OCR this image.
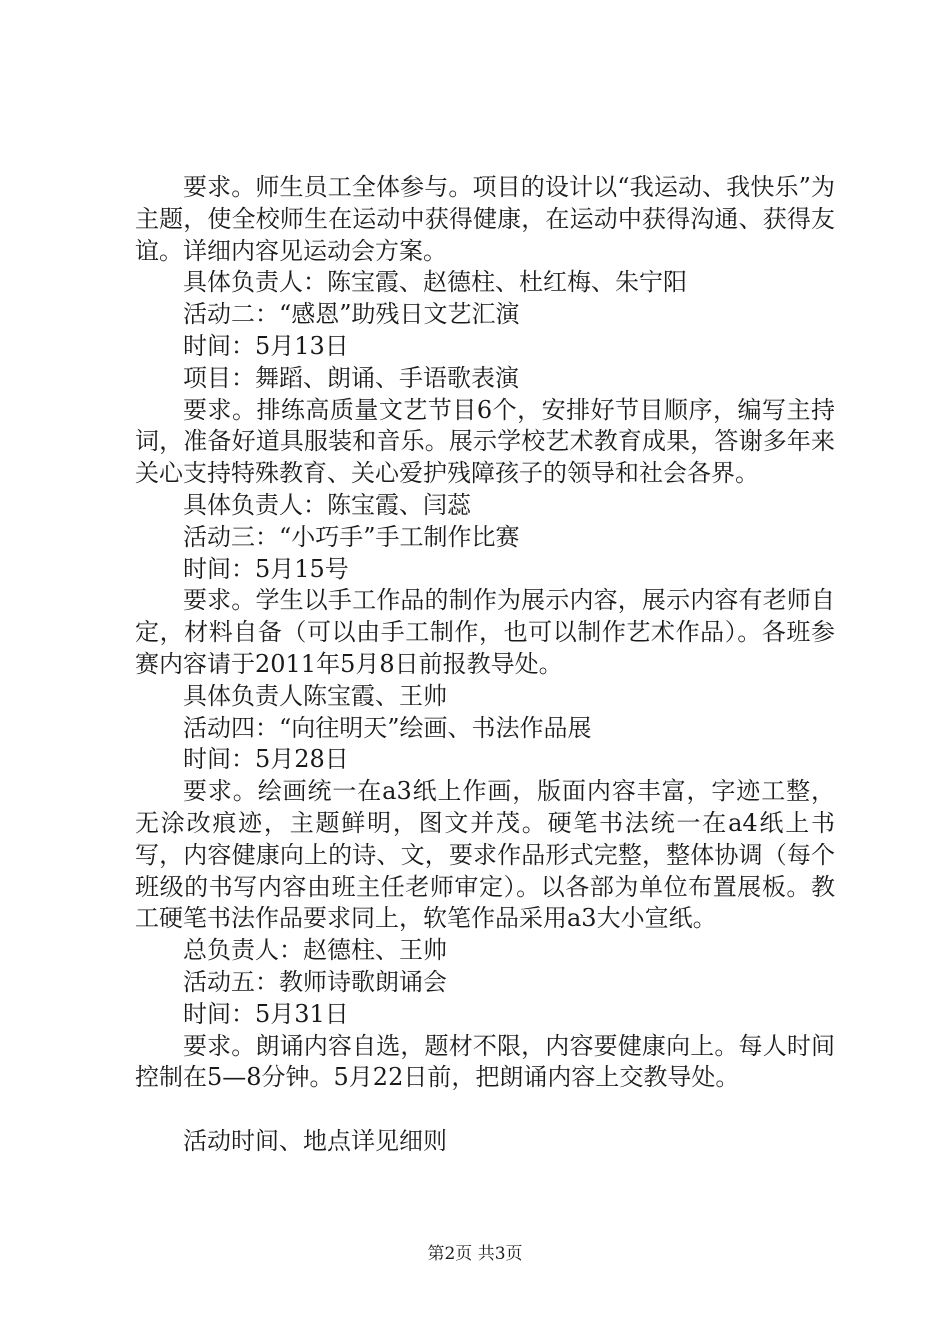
要求。师生员工全体参与。项目的设计以“我运动、我快乐”为主题，使全校师生在运动中获得健康，在运动中获得沟通、获得友谊。详细内容见运动会方案。

具体负责人：陈宝霞、赵德柱、杜红梅、朱宁阳

活动二：“感恩”助残日文艺汇演

时间：5月13日

项目：舞蹈、朗诵、手语歌表演

要求。排练高质量文艺节目6个，安排好节目顺序，编写主持词，准备好道具服装和音乐。展示学校艺术教育成果，答谢多年来关心支持特殊教育、关心爱护残障孩子的领导和社会各界。

具体负责人：陈宝霞、闫蕊

活动三：“小巧手”手工制作比赛

时间：5月15号

要求。学生以手工作品的制作为展示内容，展示内容有老师自定，材料自备（可以由手工制作，也可以制作艺术作品）。各班参赛内容请于2011年5月8日前报教导处。

具体负责人陈宝霞、王帅

活动四：“向往明天”绘画、书法作品展

时间：5月28日

要求。绘画统一在a3纸上作画，版面内容丰富，字迹工整，无涂改痕迹，主题鲜明，图文并茂。硬笔书法统一在a4纸上书写，内容健康向上的诗、文，要求作品形式完整，整体协调（每个班级的书写内容由班主任老师审定）。以各部为单位布置展板。教工硬笔书法作品要求同上，软笔作品采用a3大小宣纸。

总负责人：赵德柱、王帅

活动五：教师诗歌朗诵会

时间：5月31日

要求。朗诵内容自选，题材不限，内容要健康向上。每人时间控制在5—8分钟。5月22日前，把朗诵内容上交教导处。

活动时间、地点详见细则

第2页 共3页
